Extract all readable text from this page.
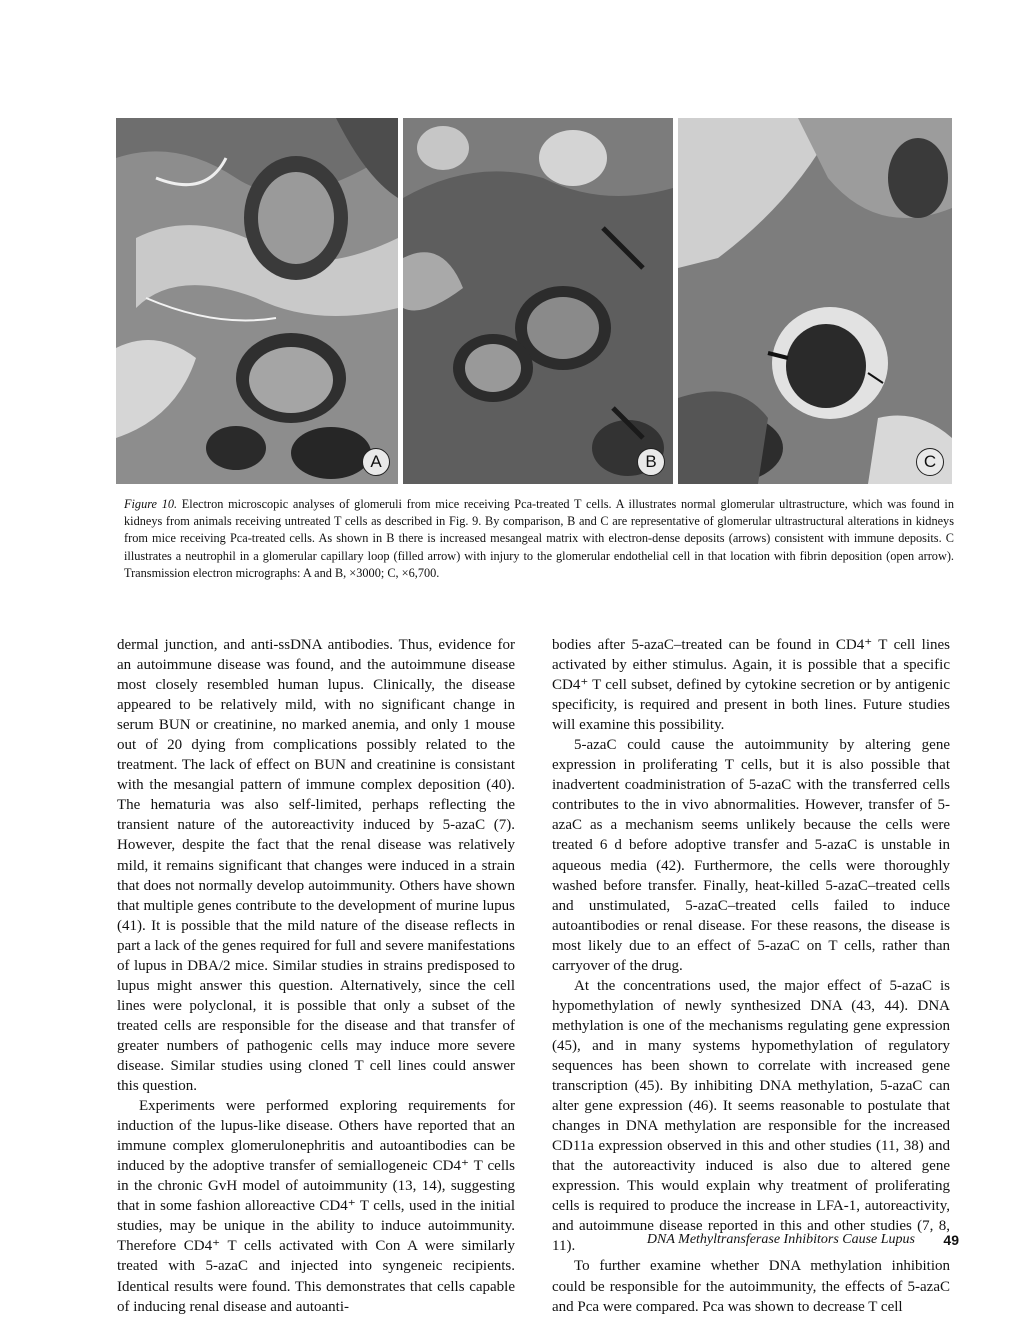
A	B	C
Figure 10. Electron microscopic analyses of glomeruli from mice receiving Pca-treated T cells. A illustrates normal glomerular ultrastructure, which was found in kidneys from animals receiving untreated T cells as described in Fig. 9. By comparison, B and C are representative of glomerular ultrastructural alterations in kidneys from mice receiving Pca-treated cells. As shown in B there is increased mesangeal matrix with electron-dense deposits (arrows) consistent with immune deposits. C illustrates a neutrophil in a glomerular capillary loop (filled arrow) with injury to the glomerular endothelial cell in that location with fibrin deposition (open arrow). Transmission electron micrographs: A and B, ×3000; C, ×6,700.

dermal junction, and anti-ssDNA antibodies. Thus, evidence for an autoimmune disease was found, and the autoimmune disease most closely resembled human lupus. Clinically, the disease appeared to be relatively mild, with no significant change in serum BUN or creatinine, no marked anemia, and only 1 mouse out of 20 dying from complications possibly related to the treatment. The lack of effect on BUN and creatinine is consistant with the mesangial pattern of immune complex deposition (40). The hematuria was also self-limited, perhaps reflecting the transient nature of the autoreactivity induced by 5-azaC (7). However, despite the fact that the renal disease was relatively mild, it remains significant that changes were induced in a strain that does not normally develop autoimmunity. Others have shown that multiple genes contribute to the development of murine lupus (41). It is possible that the mild nature of the disease reflects in part a lack of the genes required for full and severe manifestations of lupus in DBA/2 mice. Similar studies in strains predisposed to lupus might answer this question. Alternatively, since the cell lines were polyclonal, it is possible that only a subset of the treated cells are responsible for the disease and that transfer of greater numbers of pathogenic cells may induce more severe disease. Similar studies using cloned T cell lines could answer this question.

Experiments were performed exploring requirements for induction of the lupus-like disease. Others have reported that an immune complex glomerulonephritis and autoantibodies can be induced by the adoptive transfer of semiallogeneic CD4⁺ T cells in the chronic GvH model of autoimmunity (13, 14), suggesting that in some fashion alloreactive CD4⁺ T cells, used in the initial studies, may be unique in the ability to induce autoimmunity. Therefore CD4⁺ T cells activated with Con A were similarly treated with 5-azaC and injected into syngeneic recipients. Identical results were found. This demonstrates that cells capable of inducing renal disease and autoanti-

bodies after 5-azaC–treated can be found in CD4⁺ T cell lines activated by either stimulus. Again, it is possible that a specific CD4⁺ T cell subset, defined by cytokine secretion or by antigenic specificity, is required and present in both lines. Future studies will examine this possibility.

5-azaC could cause the autoimmunity by altering gene expression in proliferating T cells, but it is also possible that inadvertent coadministration of 5-azaC with the transferred cells contributes to the in vivo abnormalities. However, transfer of 5-azaC as a mechanism seems unlikely because the cells were treated 6 d before adoptive transfer and 5-azaC is unstable in aqueous media (42). Furthermore, the cells were thoroughly washed before transfer. Finally, heat-killed 5-azaC–treated cells and unstimulated, 5-azaC–treated cells failed to induce autoantibodies or renal disease. For these reasons, the disease is most likely due to an effect of 5-azaC on T cells, rather than carryover of the drug.

At the concentrations used, the major effect of 5-azaC is hypomethylation of newly synthesized DNA (43, 44). DNA methylation is one of the mechanisms regulating gene expression (45), and in many systems hypomethylation of regulatory sequences has been shown to correlate with increased gene transcription (45). By inhibiting DNA methylation, 5-azaC can alter gene expression (46). It seems reasonable to postulate that changes in DNA methylation are responsible for the increased CD11a expression observed in this and other studies (11, 38) and that the autoreactivity induced is also due to altered gene expression. This would explain why treatment of proliferating cells is required to produce the increase in LFA-1, autoreactivity, and autoimmune disease reported in this and other studies (7, 8, 11).

To further examine whether DNA methylation inhibition could be responsible for the autoimmunity, the effects of 5-azaC and Pca were compared. Pca was shown to decrease T cell

DNA Methyltransferase Inhibitors Cause Lupus 49
